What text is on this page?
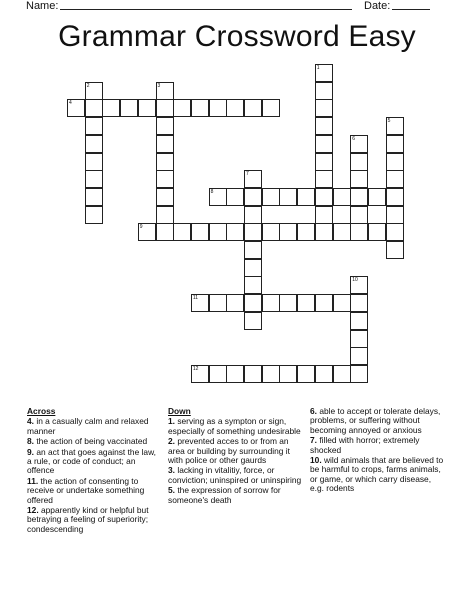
Name:	Date:
Grammar Crossword Easy
1
2	3
4
5
6
7
8
9
10
11
12
Across
4. in a casually calm and relaxed manner
8. the action of being vaccinated
9. an act that goes against the law, a rule, or code of conduct; an offence
11. the action of consenting to receive or undertake something offered
12. apparently kind or helpful but betraying a feeling of superiority; condescending
Down
1. serving as a sympton or sign, especially of something undesirable
2. prevented acces to or from an area or building by surrounding it with police or other gaurds
3. lacking in vitalitiy, force, or conviction; uninspired or uninspiring
5. the expression of sorrow for someone's death
6. able to accept or tolerate delays, problems, or suffering without becoming annoyed or anxious
7. filled with horror; extremely shocked
10. wild animals that are believed to be harmful to crops, farms animals, or game, or which carry disease, e.g. rodents
